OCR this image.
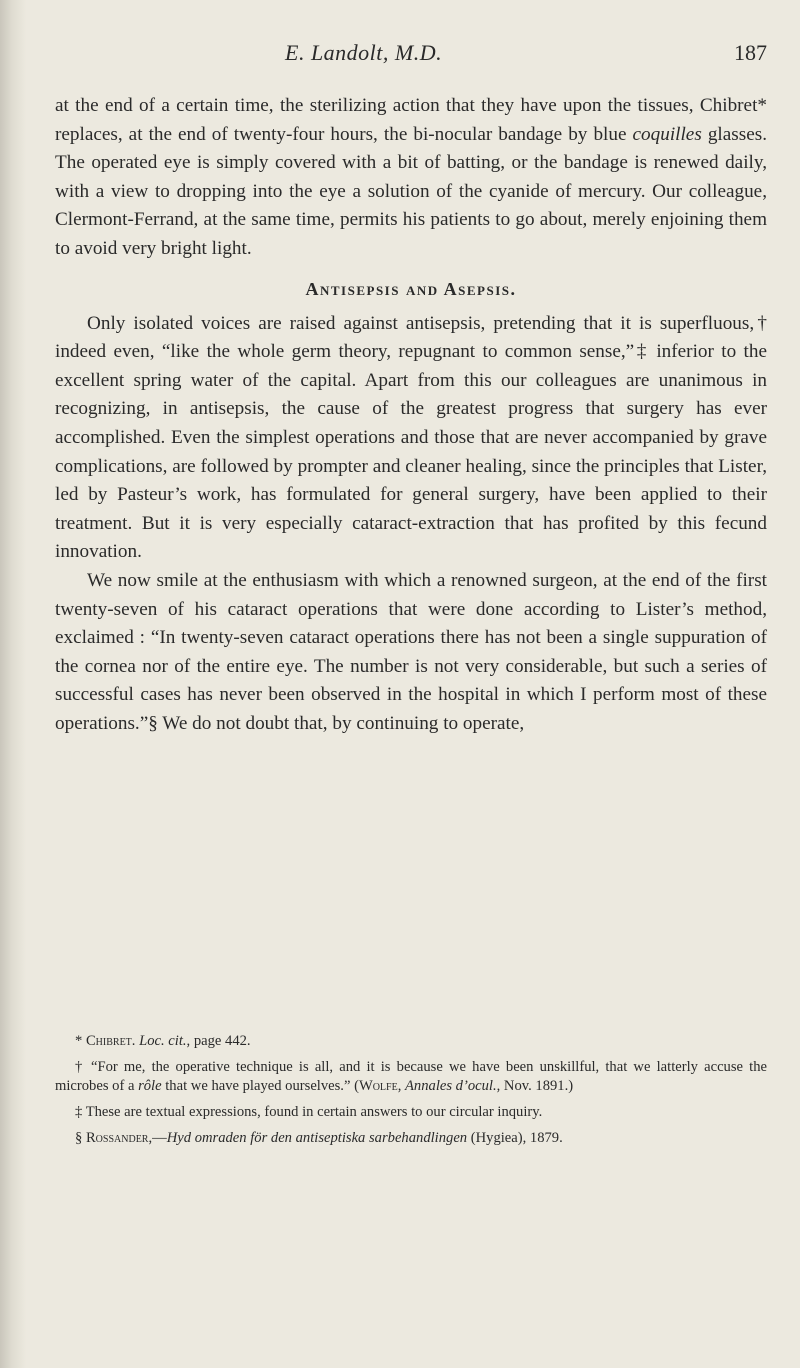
E. Landolt, M.D.	187

at the end of a certain time, the sterilizing action that they have upon the tissues, Chibret* replaces, at the end of twenty-four hours, the bi-nocular bandage by blue coquilles glasses. The operated eye is simply covered with a bit of batting, or the bandage is renewed daily, with a view to dropping into the eye a solution of the cyanide of mercury. Our colleague, Clermont-Ferrand, at the same time, permits his patients to go about, merely enjoining them to avoid very bright light.

Antisepsis and Asepsis.

Only isolated voices are raised against antisepsis, pretending that it is superfluous,† indeed even, “like the whole germ theory, repugnant to common sense,”‡ inferior to the excellent spring water of the capital. Apart from this our colleagues are unanimous in recognizing, in antisepsis, the cause of the greatest progress that surgery has ever accomplished. Even the simplest operations and those that are never accompanied by grave complications, are followed by prompter and cleaner healing, since the principles that Lister, led by Pasteur’s work, has formulated for general surgery, have been applied to their treatment. But it is very especially cataract-extraction that has profited by this fecund innovation.

We now smile at the enthusiasm with which a renowned surgeon, at the end of the first twenty-seven of his cataract operations that were done according to Lister’s method, exclaimed : “In twenty-seven cataract operations there has not been a single suppuration of the cornea nor of the entire eye. The number is not very considerable, but such a series of successful cases has never been observed in the hospital in which I perform most of these operations.”§ We do not doubt that, by continuing to operate,

* Chibret. Loc. cit., page 442.

† “For me, the operative technique is all, and it is because we have been unskillful, that we latterly accuse the microbes of a rôle that we have played ourselves.” (Wolfe, Annales d’ocul., Nov. 1891.)

‡ These are textual expressions, found in certain answers to our circular inquiry.

§ Rossander,—Hyd omraden för den antiseptiska sarbehandlingen (Hygiea), 1879.
